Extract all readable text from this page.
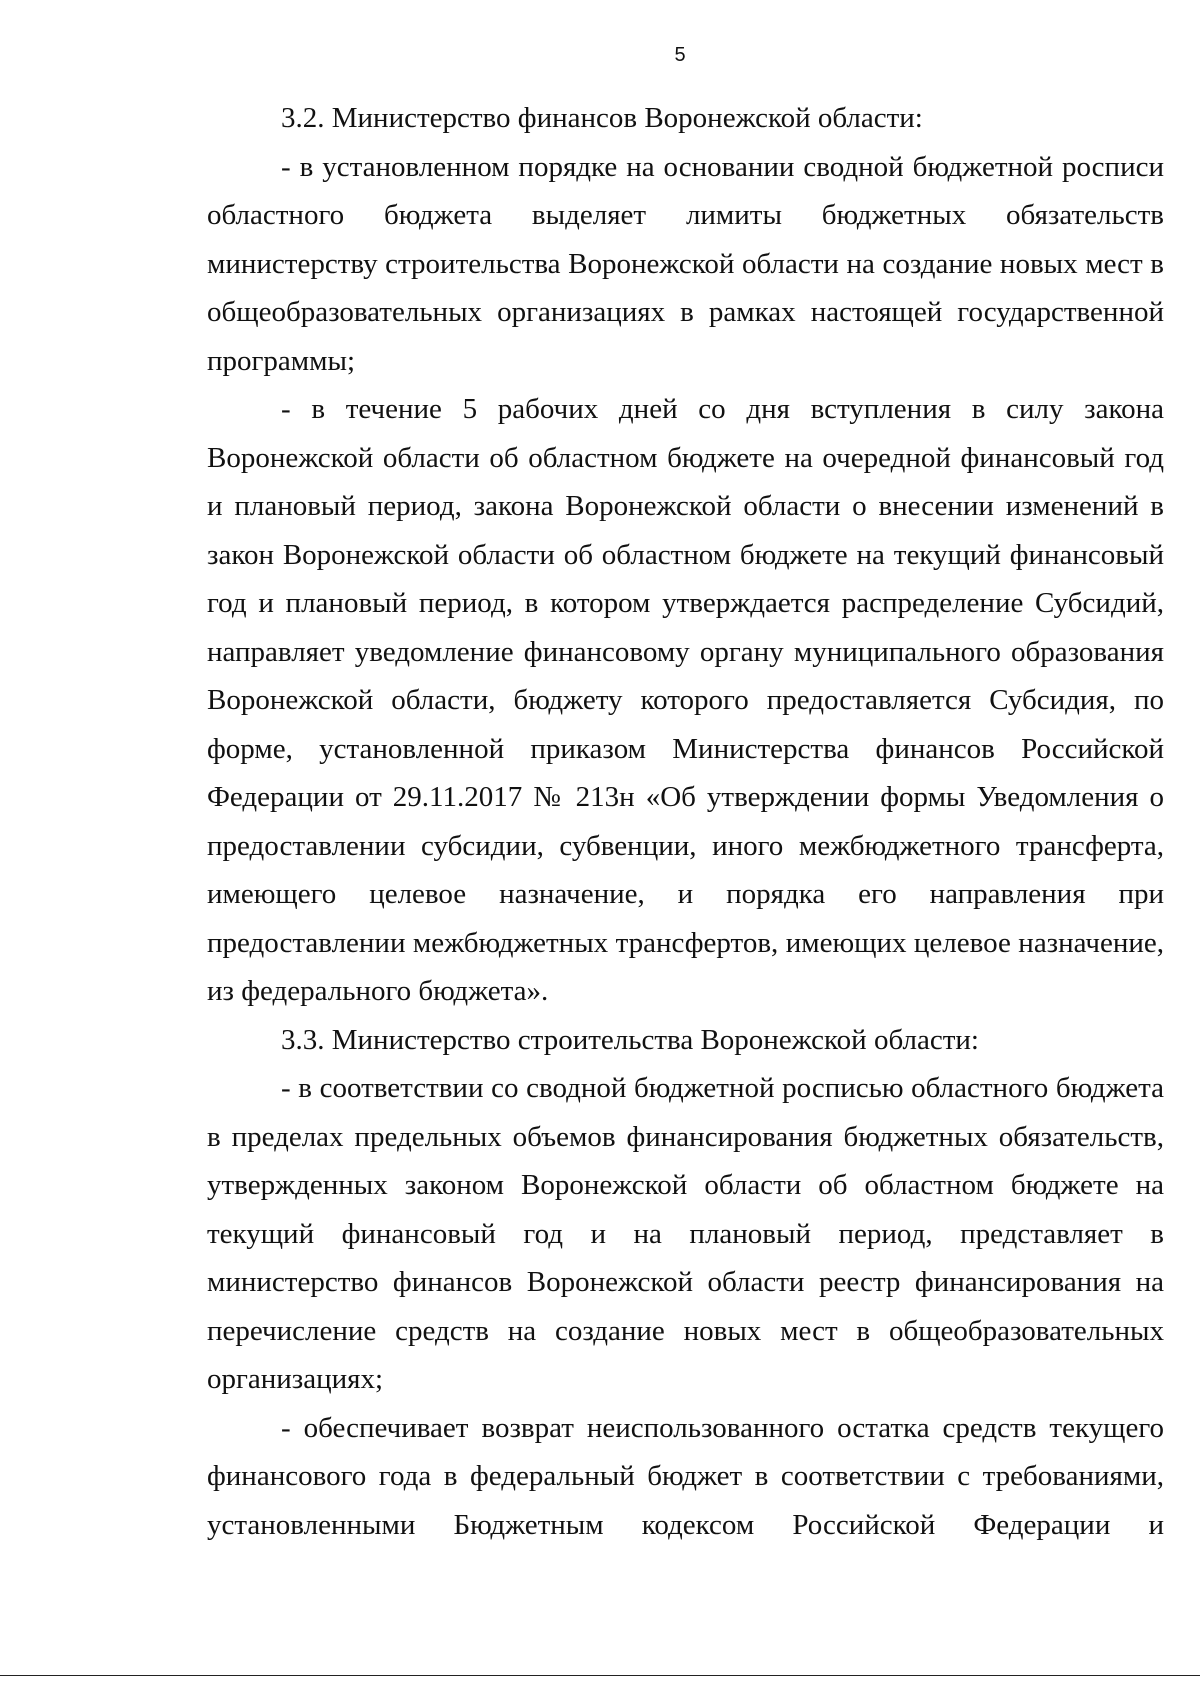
5

3.2. Министерство финансов Воронежской области:

- в установленном порядке на основании сводной бюджетной росписи областного бюджета выделяет лимиты бюджетных обязательств министерству строительства Воронежской области на создание новых мест в общеобразовательных организациях в рамках настоящей государственной программы;

- в течение 5 рабочих дней со дня вступления в силу закона Воронежской области об областном бюджете на очередной финансовый год и плановый период, закона Воронежской области о внесении изменений в закон Воронежской области об областном бюджете на текущий финансовый год и плановый период, в котором утверждается распределение Субсидий, направляет уведомление финансовому органу муниципального образования Воронежской области, бюджету которого предоставляется Субсидия, по форме, установленной приказом Министерства финансов Российской Федерации от 29.11.2017 № 213н «Об утверждении формы Уведомления о предоставлении субсидии, субвенции, иного межбюджетного трансферта, имеющего целевое назначение, и порядка его направления при предоставлении межбюджетных трансфертов, имеющих целевое назначение, из федерального бюджета».

3.3. Министерство строительства Воронежской области:

- в соответствии со сводной бюджетной росписью областного бюджета в пределах предельных объемов финансирования бюджетных обязательств, утвержденных законом Воронежской области об областном бюджете на текущий финансовый год и на плановый период, представляет в министерство финансов Воронежской области реестр финансирования на перечисление средств на создание новых мест в общеобразовательных организациях;

- обеспечивает возврат неиспользованного остатка средств текущего финансового года в федеральный бюджет в соответствии с требованиями, установленными Бюджетным кодексом Российской Федерации и
